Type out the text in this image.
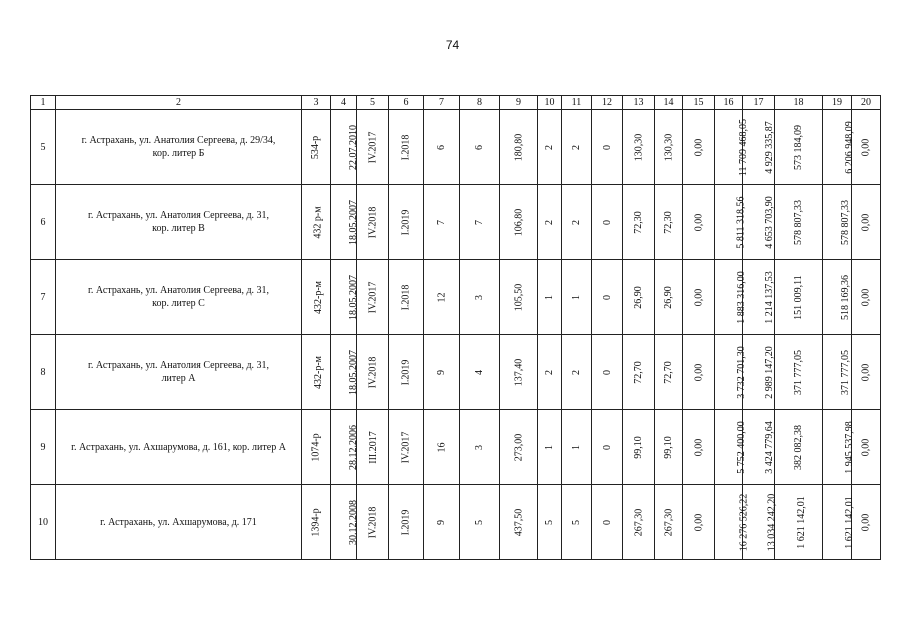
74
1	2	3	4	5	6	7	8	9	10	11	12	13	14	15	16	17	18	19	20
5	г. Астрахань, ул. Анатолия Сергеева, д. 29/34,
кор. литер Б	534-р	22.07.2010	IV.2017	I.2018	6	6	180,80	2	2	0	130,30	130,30	0,00	11 709 468,05	4 929 335,87	573 184,09	6 206 948,09	0,00
6	г. Астрахань, ул. Анатолия Сергеева, д. 31,
кор. литер В	432 р-м	18.05.2007	IV.2018	I.2019	7	7	106,80	2	2	0	72,30	72,30	0,00	5 811 318,56	4 653 703,90	578 807,33	578 807,33	0,00
7	г. Астрахань, ул. Анатолия Сергеева, д. 31,
кор. литер С	432-р-м	18.05.2007	IV.2017	I.2018	12	3	105,50	1	1	0	26,90	26,90	0,00	1 883 316,00	1 214 137,53	151 009,11	518 169,36	0,00
8	г. Астрахань, ул. Анатолия Сергеева, д. 31,
литер А	432-р-м	18.05.2007	IV.2018	I.2019	9	4	137,40	2	2	0	72,70	72,70	0,00	3 732 701,30	2 989 147,20	371 777,05	371 777,05	0,00
9	г. Астрахань, ул. Ахшарумова, д. 161, кор. литер А	1074-р	28.12.2006	III.2017	IV.2017	16	3	273,00	1	1	0	99,10	99,10	0,00	5 752 400,00	3 424 779,64	382 082,38	1 945 537,98	0,00
10	г. Астрахань, ул. Ахшарумова, д. 171	1394-р	30.12.2008	IV.2018	I.2019	9	5	437,50	5	5	0	267,30	267,30	0,00	16 276 526,22	13 034 242,20	1 621 142,01	1 621 142,01	0,00
